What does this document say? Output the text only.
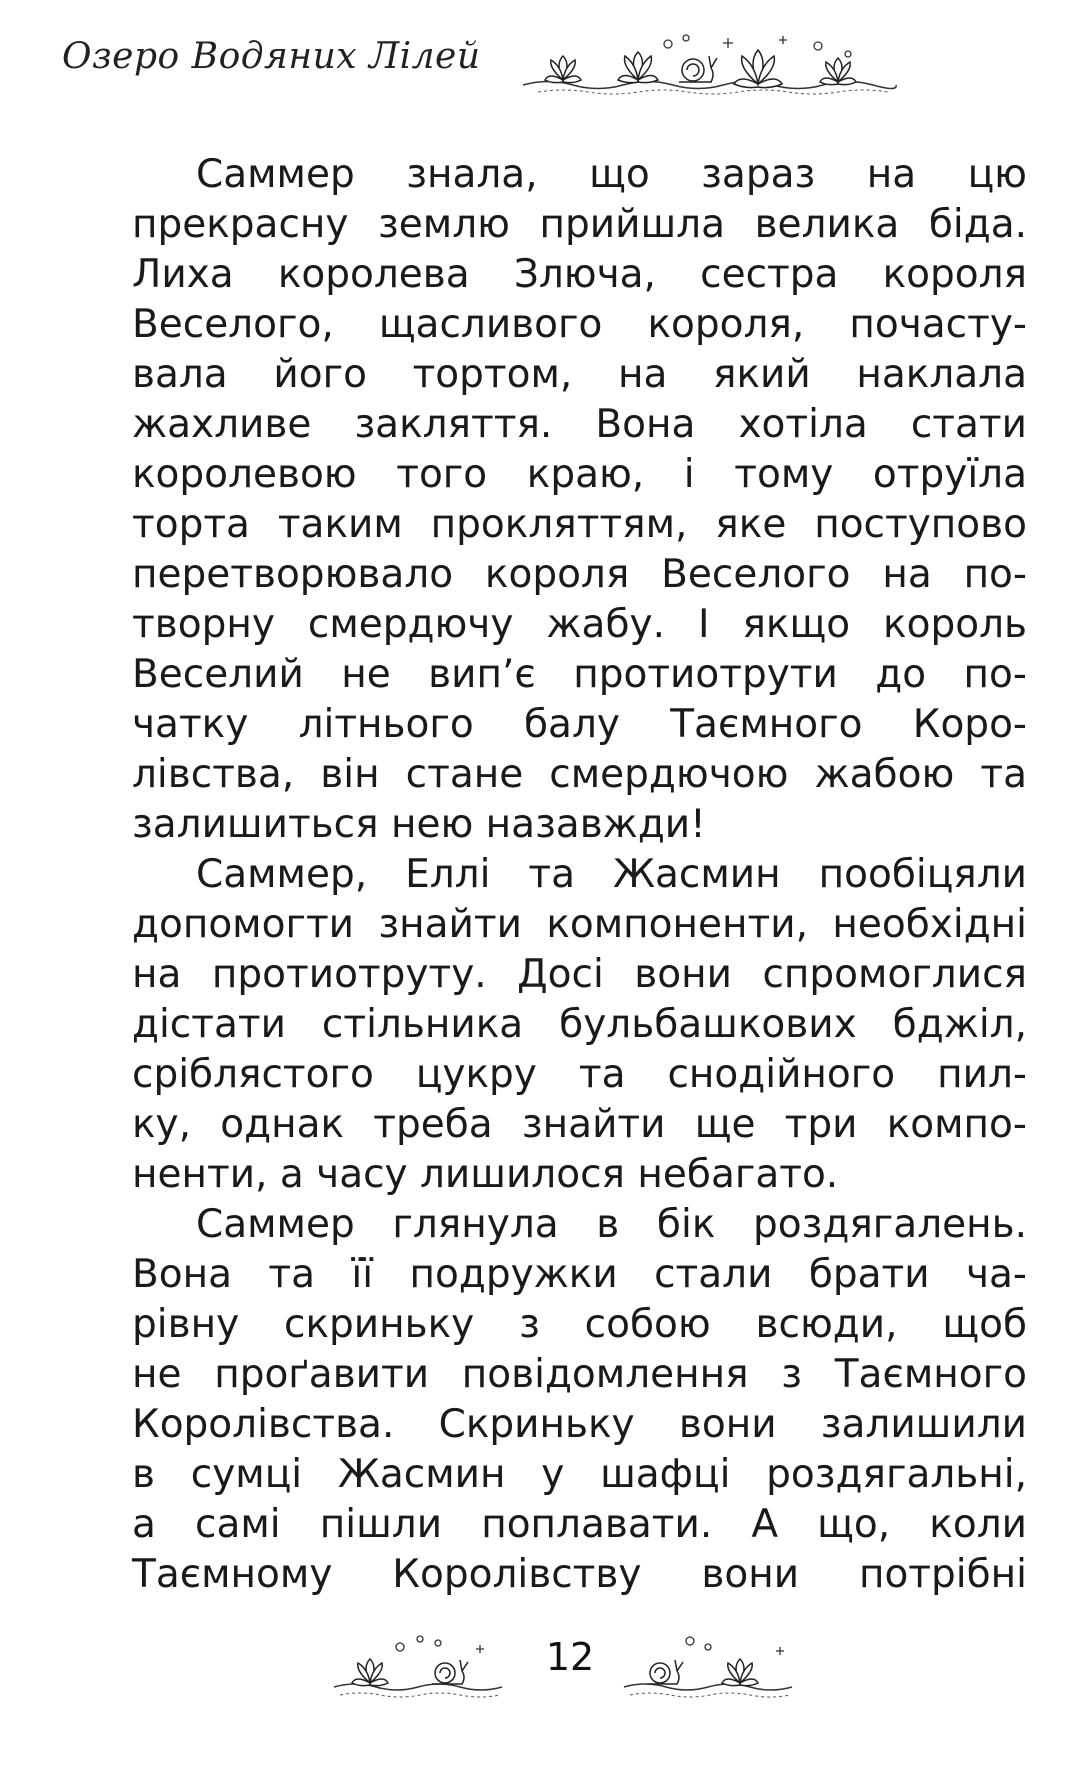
Озеро Водяних Лілей
Саммер знала, що зараз на цю
прекрасну землю прийшла велика біда.
Лиха королева Злюча, сестра короля
Веселого, щасливого короля, почасту-
вала його тортом, на який наклала
жахливе закляття. Вона хотіла стати
королевою того краю, і тому отруїла
торта таким прокляттям, яке поступово
перетворювало короля Веселого на по-
творну смердючу жабу. І якщо король
Веселий не вип’є протиотрути до по-
чатку літнього балу Таємного Коро-
лівства, він стане смердючою жабою та
залишиться нею назавжди!
Саммер, Еллі та Жасмин пообіцяли
допомогти знайти компоненти, необхідні
на протиотруту. Досі вони спромоглися
дістати стільника бульбашкових бджіл,
сріблястого цукру та снодійного пил-
ку, однак треба знайти ще три компо-
ненти, а часу лишилося небагато.
Саммер глянула в бік роздягалень.
Вона та її подружки стали брати ча-
рівну скриньку з собою всюди, щоб
не проґавити повідомлення з Таємного
Королівства. Скриньку вони залишили
в сумці Жасмин у шафці роздягальні,
а самі пішли поплавати. А що, коли
Таємному Королівству вони потрібні
12
